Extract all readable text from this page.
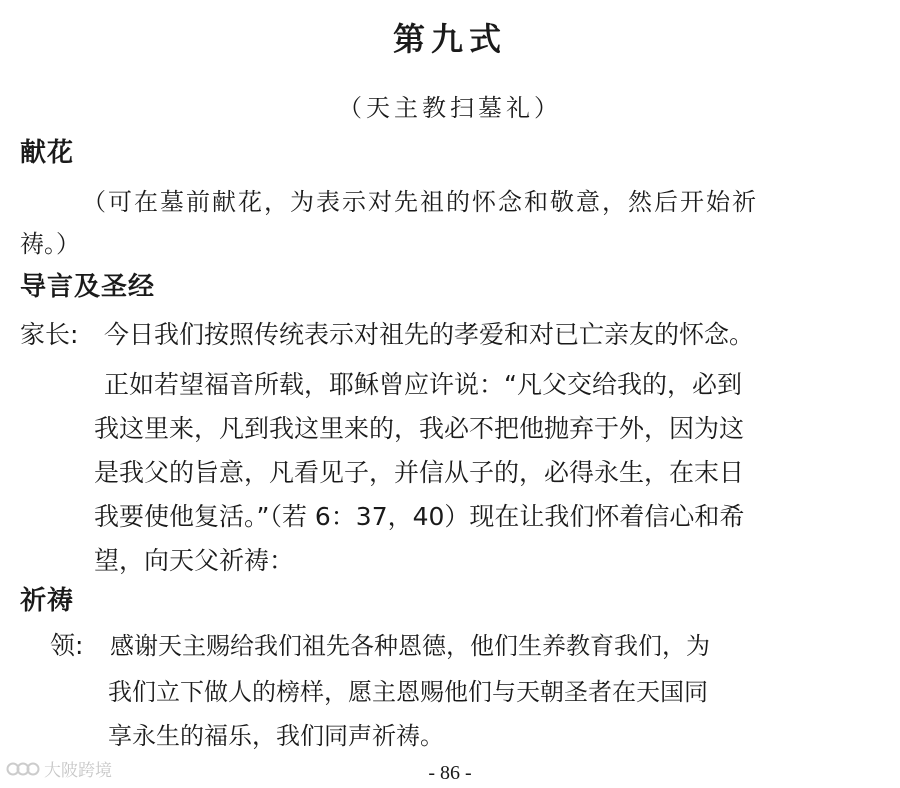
第九式
（天主教扫墓礼）
献花
（可在墓前献花，为表示对先祖的怀念和敬意，然后开始祈
祷。）
导言及圣经
家长: 今日我们按照传统表示对祖先的孝爱和对已亡亲友的怀念。
正如若望福音所载，耶稣曾应许说：“凡父交给我的，必到
我这里来，凡到我这里来的，我必不把他抛弃于外，因为这
是我父的旨意，凡看见子，并信从子的，必得永生，在末日
我要使他复活。”（若 6：37，40）现在让我们怀着信心和希
望，向天父祈祷：
祈祷
领: 感谢天主赐给我们祖先各种恩德，他们生养教育我们，为
我们立下做人的榜样，愿主恩赐他们与天朝圣者在天国同
享永生的福乐，我们同声祈祷。
- 86 -
大陂跨境
